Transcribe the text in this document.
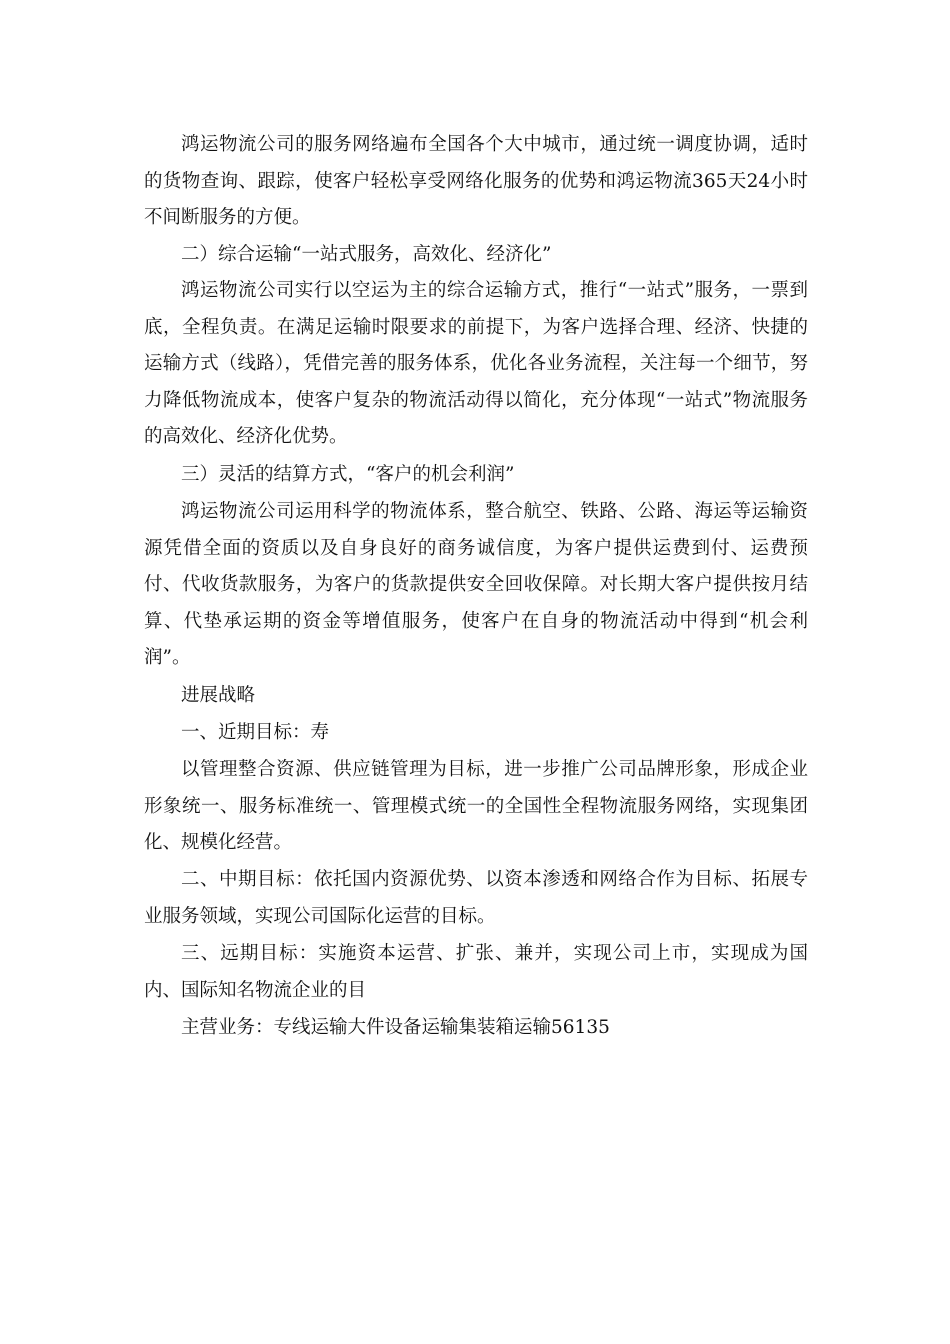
鸿运物流公司的服务网络遍布全国各个大中城市，通过统一调度协调，适时的货物查询、跟踪，使客户轻松享受网络化服务的优势和鸿运物流365天24小时不间断服务的方便。

二）综合运输“一站式服务，高效化、经济化”

鸿运物流公司实行以空运为主的综合运输方式，推行“一站式”服务，一票到底，全程负责。在满足运输时限要求的前提下，为客户选择合理、经济、快捷的运输方式（线路），凭借完善的服务体系，优化各业务流程，关注每一个细节，努力降低物流成本，使客户复杂的物流活动得以简化，充分体现“一站式”物流服务的高效化、经济化优势。

三）灵活的结算方式，“客户的机会利润”

鸿运物流公司运用科学的物流体系，整合航空、铁路、公路、海运等运输资源凭借全面的资质以及自身良好的商务诚信度，为客户提供运费到付、运费预付、代收货款服务，为客户的货款提供安全回收保障。对长期大客户提供按月结算、代垫承运期的资金等增值服务，使客户在自身的物流活动中得到“机会利润”。

进展战略

一、近期目标：寿

以管理整合资源、供应链管理为目标，进一步推广公司品牌形象，形成企业形象统一、服务标准统一、管理模式统一的全国性全程物流服务网络，实现集团化、规模化经营。

二、中期目标：依托国内资源优势、以资本渗透和网络合作为目标、拓展专业服务领域，实现公司国际化运营的目标。

三、远期目标：实施资本运营、扩张、兼并，实现公司上市，实现成为国内、国际知名物流企业的目

主营业务：专线运输大件设备运输集装箱运输56135
